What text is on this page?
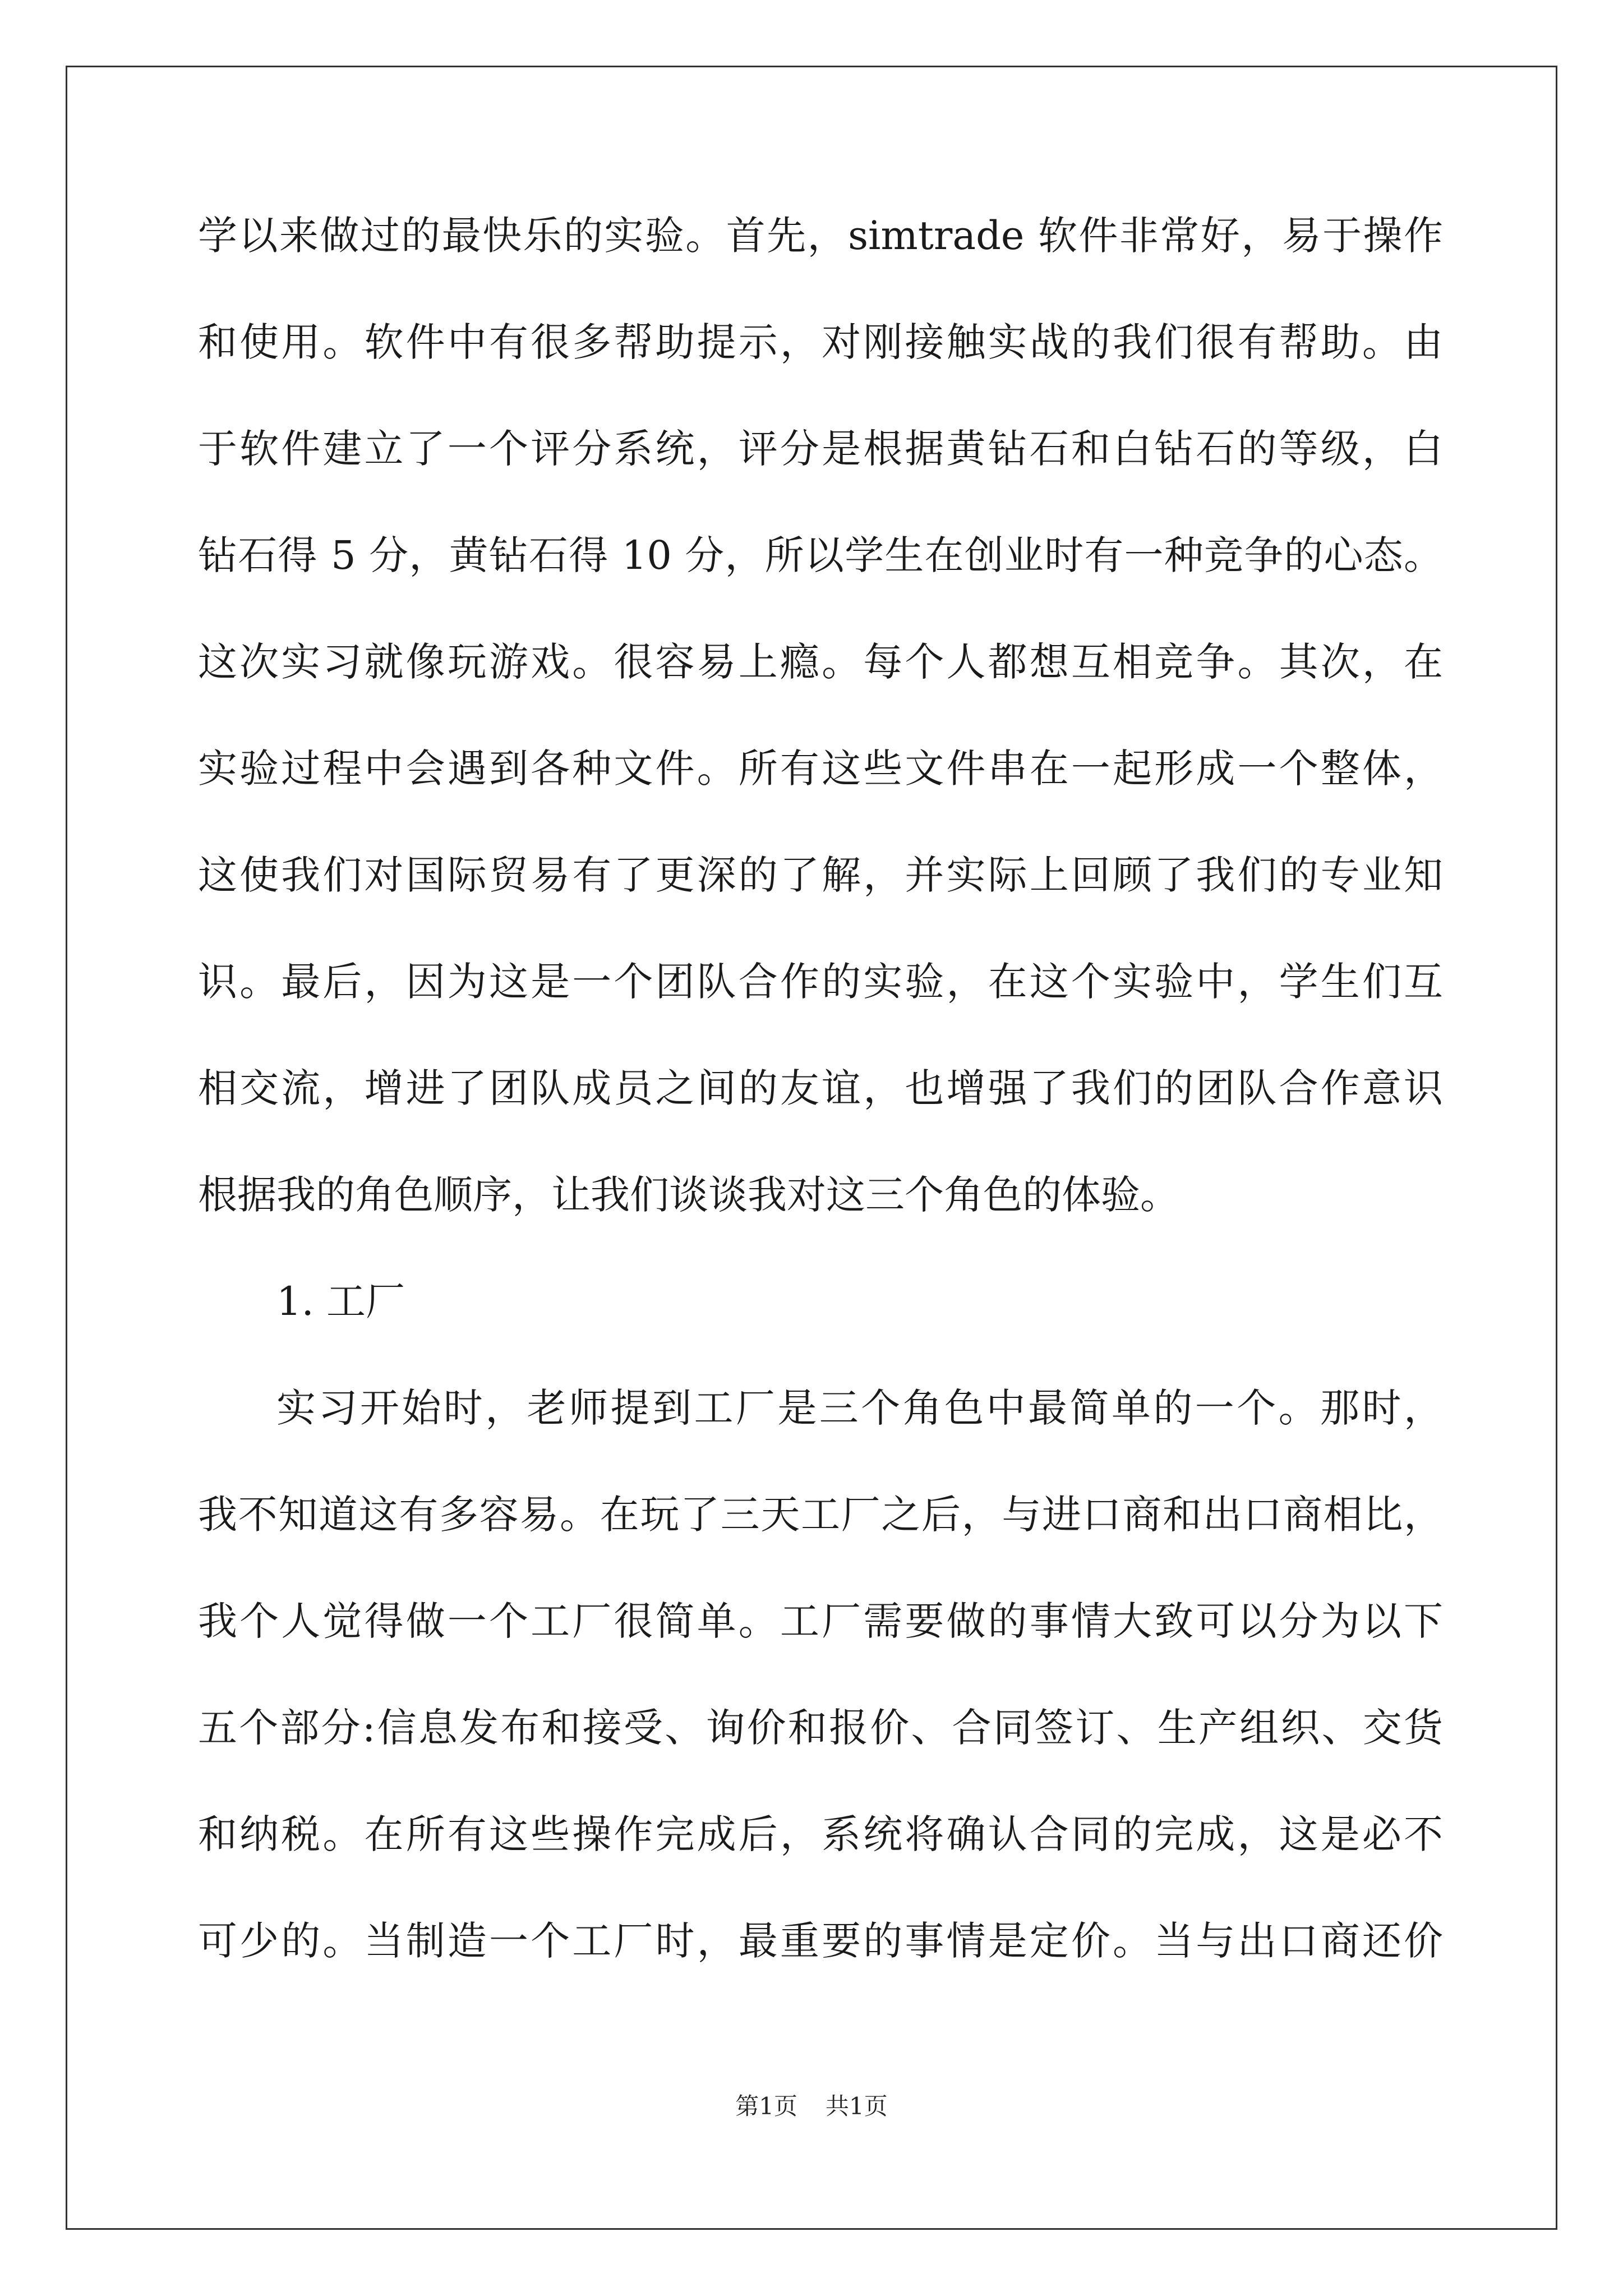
学以来做过的最快乐的实验。首先，simtrade 软件非常好，易于操作
和使用。软件中有很多帮助提示，对刚接触实战的我们很有帮助。由
于软件建立了一个评分系统，评分是根据黄钻石和白钻石的等级，白
钻石得 5 分，黄钻石得 10 分，所以学生在创业时有一种竞争的心态。
这次实习就像玩游戏。很容易上瘾。每个人都想互相竞争。其次，在
实验过程中会遇到各种文件。所有这些文件串在一起形成一个整体，
这使我们对国际贸易有了更深的了解，并实际上回顾了我们的专业知
识。最后，因为这是一个团队合作的实验，在这个实验中，学生们互
相交流，增进了团队成员之间的友谊，也增强了我们的团队合作意识
根据我的角色顺序，让我们谈谈我对这三个角色的体验。
1. 工厂
实习开始时，老师提到工厂是三个角色中最简单的一个。那时，
我不知道这有多容易。在玩了三天工厂之后，与进口商和出口商相比，
我个人觉得做一个工厂很简单。工厂需要做的事情大致可以分为以下
五个部分:信息发布和接受、询价和报价、合同签订、生产组织、交货
和纳税。在所有这些操作完成后，系统将确认合同的完成，这是必不
可少的。当制造一个工厂时，最重要的事情是定价。当与出口商还价
第1页 共1页
